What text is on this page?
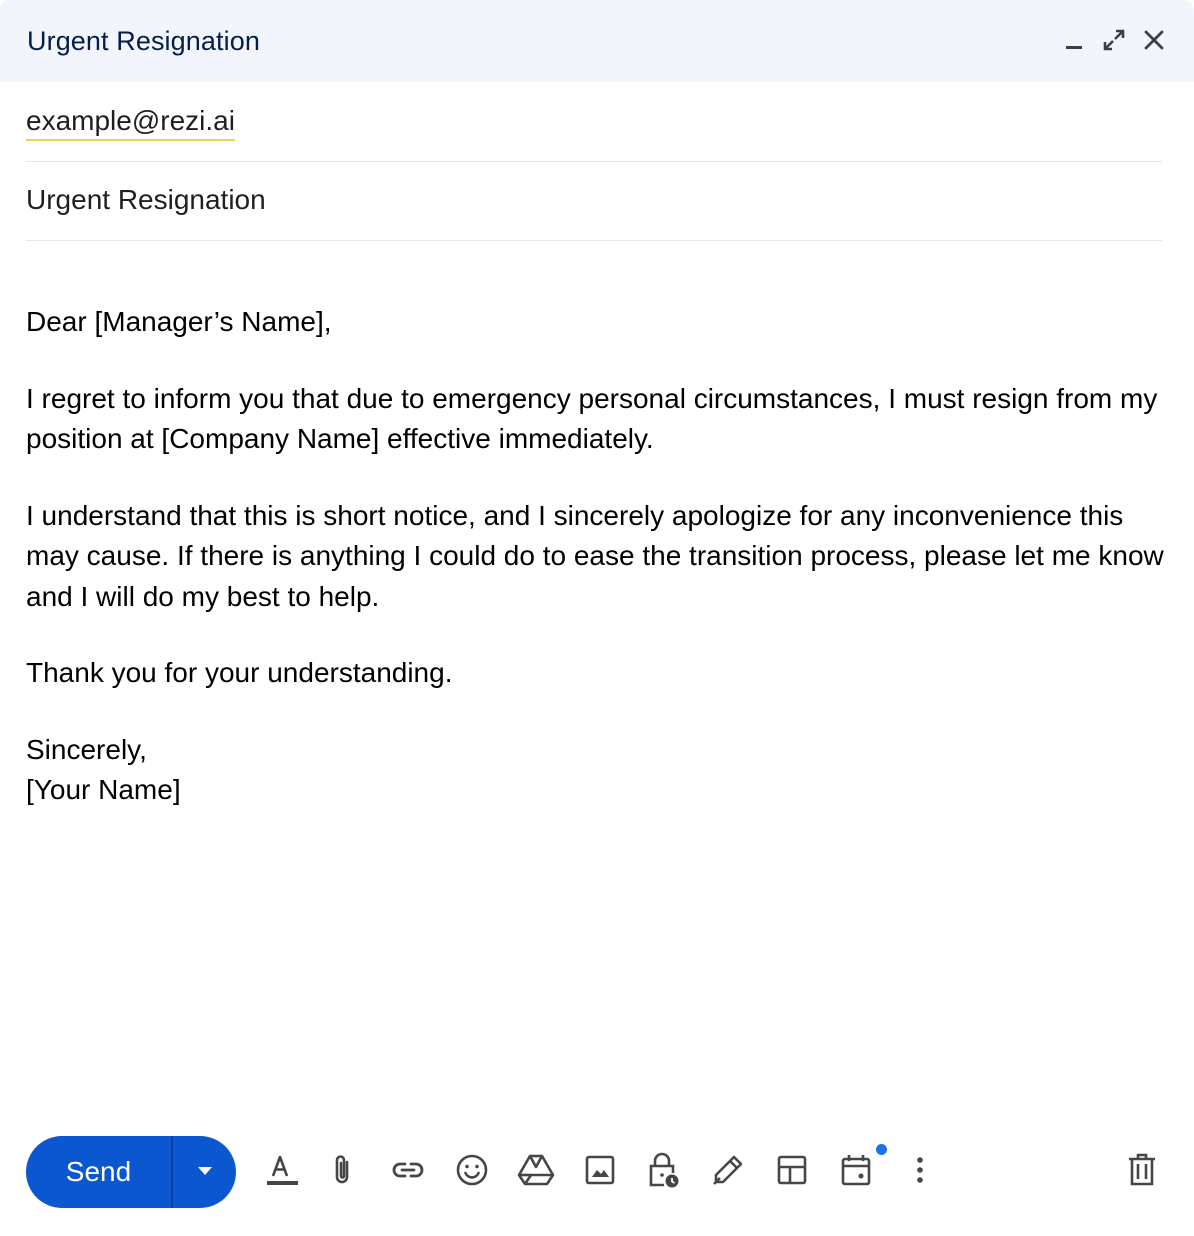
Urgent Resignation
example@rezi.ai
Urgent Resignation

Dear [Manager’s Name],

I regret to inform you that due to emergency personal circumstances, I must resign from my position at [Company Name] effective immediately.

I understand that this is short notice, and I sincerely apologize for any inconvenience this may cause. If there is anything I could do to ease the transition process, please let me know and I will do my best to help.

Thank you for your understanding.

Sincerely,

[Your Name]

Send
